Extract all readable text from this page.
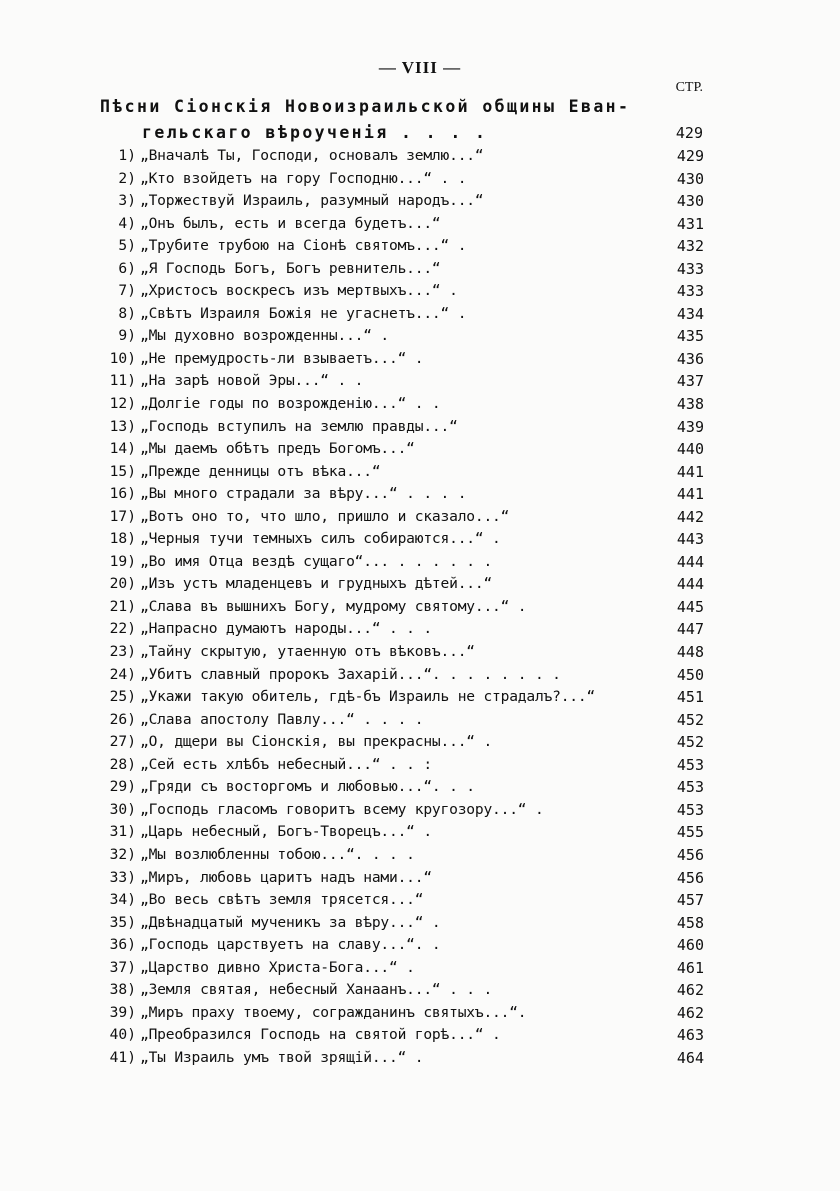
— VIII —
СТР.
Пѣсни Сіонскія Новоизраильской общины Еван-
гельскаго вѣроученія . . . .	429
1) „Вначалѣ Ты, Господи, основалъ землю...“	429
2) „Кто взойдетъ на гору Господню...“ . .	430
3) „Торжествуй Израиль, разумный народъ...“	430
4) „Онъ былъ, есть и всегда будетъ...“	431
5) „Трубите трубою на Сіонѣ святомъ...“ .	432
6) „Я Господь Богъ, Богъ ревнитель...“	433
7) „Христосъ воскресъ изъ мертвыхъ...“ .	433
8) „Свѣтъ Израиля Божія не угаснетъ...“ .	434
9) „Мы духовно возрожденны...“ .	435
10) „Не премудрость-ли взываетъ...“ .	436
11) „На зарѣ новой Эры...“ . .	437
12) „Долгіе годы по возрожденію...“ . .	438
13) „Господь вступилъ на землю правды...“	439
14) „Мы даемъ обѣтъ предъ Богомъ...“	440
15) „Прежде денницы отъ вѣка...“	441
16) „Вы много страдали за вѣру...“ . . . .	441
17) „Вотъ оно то, что шло, пришло и сказало...“	442
18) „Черныя тучи темныхъ силъ собираются...“ .	443
19) „Во имя Отца вездѣ сущаго“... . . . . . .	444
20) „Изъ устъ младенцевъ и грудныхъ дѣтей...“	444
21) „Слава въ вышнихъ Богу, мудрому святому...“ .	445
22) „Напрасно думаютъ народы...“ . . .	447
23) „Тайну скрытую, утаенную отъ вѣковъ...“	448
24) „Убитъ славный пророкъ Захарій...“. . . . . . . .	450
25) „Укажи такую обитель, гдѣ-бъ Израиль не страдалъ?...“	451
26) „Слава апостолу Павлу...“ . . . .	452
27) „О, дщери вы Сіонскія, вы прекрасны...“ .	452
28) „Сей есть хлѣбъ небесный...“ . . :	453
29) „Гряди съ восторгомъ и любовью...“. . .	453
30) „Господь гласомъ говоритъ всему кругозору...“ .	453
31) „Царь небесный, Богъ-Творецъ...“ .	455
32) „Мы возлюбленны тобою...“. . . .	456
33) „Миръ, любовь царитъ надъ нами...“	456
34) „Во весь свѣтъ земля трясется...“	457
35) „Двѣнадцатый мученикъ за вѣру...“ .	458
36) „Господь царствуетъ на славу...“. .	460
37) „Царство дивно Христа-Бога...“ .	461
38) „Земля святая, небесный Ханаанъ...“ . . .	462
39) „Миръ праху твоему, согражданинъ святыхъ...“.	462
40) „Преобразился Господь на святой горѣ...“ .	463
41) „Ты Израиль умъ твой зрящій...“ .	464
